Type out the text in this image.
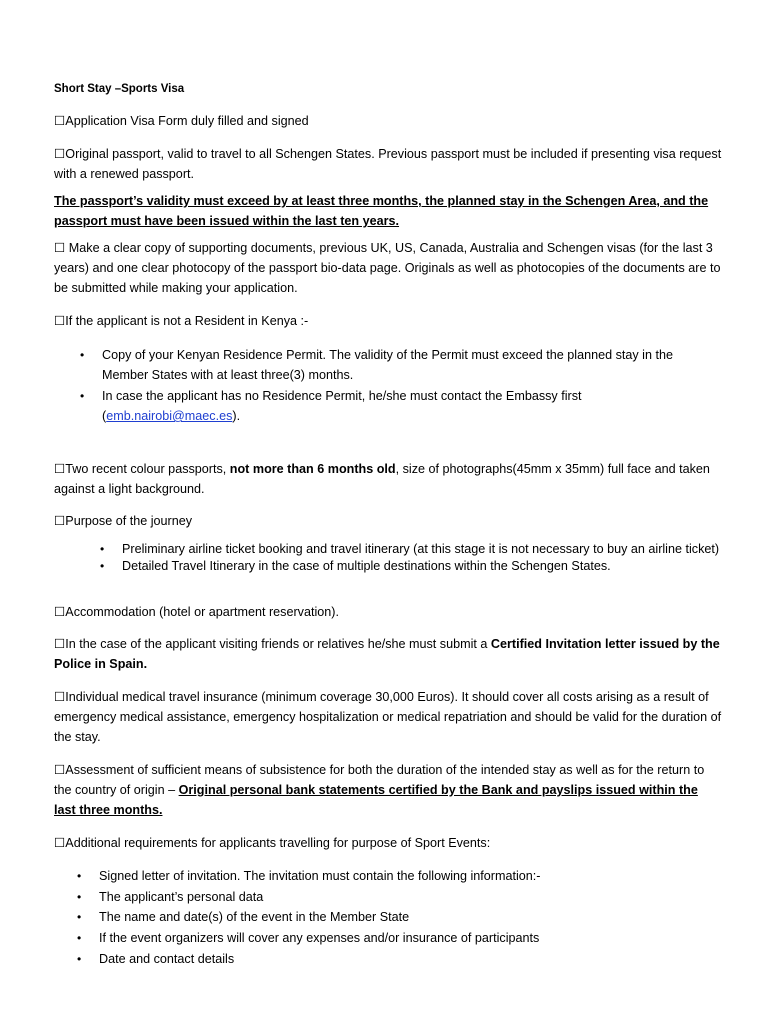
Short Stay –Sports Visa
☐Application Visa Form duly filled and signed
☐Original passport, valid to travel to all Schengen States. Previous passport must be included if presenting visa request with a renewed passport.
The passport’s validity must exceed by at least three months, the planned stay in the Schengen Area, and the passport must have been issued within the last ten years.
☐ Make a clear copy of supporting documents, previous UK, US, Canada, Australia and Schengen visas (for the last 3 years) and one clear photocopy of the passport bio-data page. Originals as well as photocopies of the documents are to be submitted while making your application.
☐If the applicant is not a Resident in Kenya :-
• Copy of your Kenyan Residence Permit. The validity of the Permit must exceed the planned stay in the Member States with at least three(3) months.
• In case the applicant has no Residence Permit, he/she must contact the Embassy first
(emb.nairobi@maec.es).
☐Two recent colour passports, not more than 6 months old, size of photographs(45mm x 35mm) full face and taken against a light background.
☐Purpose of the journey
• Preliminary airline ticket booking and travel itinerary (at this stage it is not necessary to buy an airline ticket)
• Detailed Travel Itinerary in the case of multiple destinations within the Schengen States.
☐Accommodation (hotel or apartment reservation).
☐In the case of the applicant visiting friends or relatives he/she must submit a Certified Invitation letter issued by the Police in Spain.
☐Individual medical travel insurance (minimum coverage 30,000 Euros). It should cover all costs arising as a result of emergency medical assistance, emergency hospitalization or medical repatriation and should be valid for the duration of the stay.
☐Assessment of sufficient means of subsistence for both the duration of the intended stay as well as for the return to the country of origin – Original personal bank statements certified by the Bank and payslips issued within the last three months.
☐Additional requirements for applicants travelling for purpose of Sport Events:
• Signed letter of invitation. The invitation must contain the following information:-
• The applicant’s personal data
• The name and date(s) of the event in the Member State
• If the event organizers will cover any expenses and/or insurance of participants
• Date and contact details
